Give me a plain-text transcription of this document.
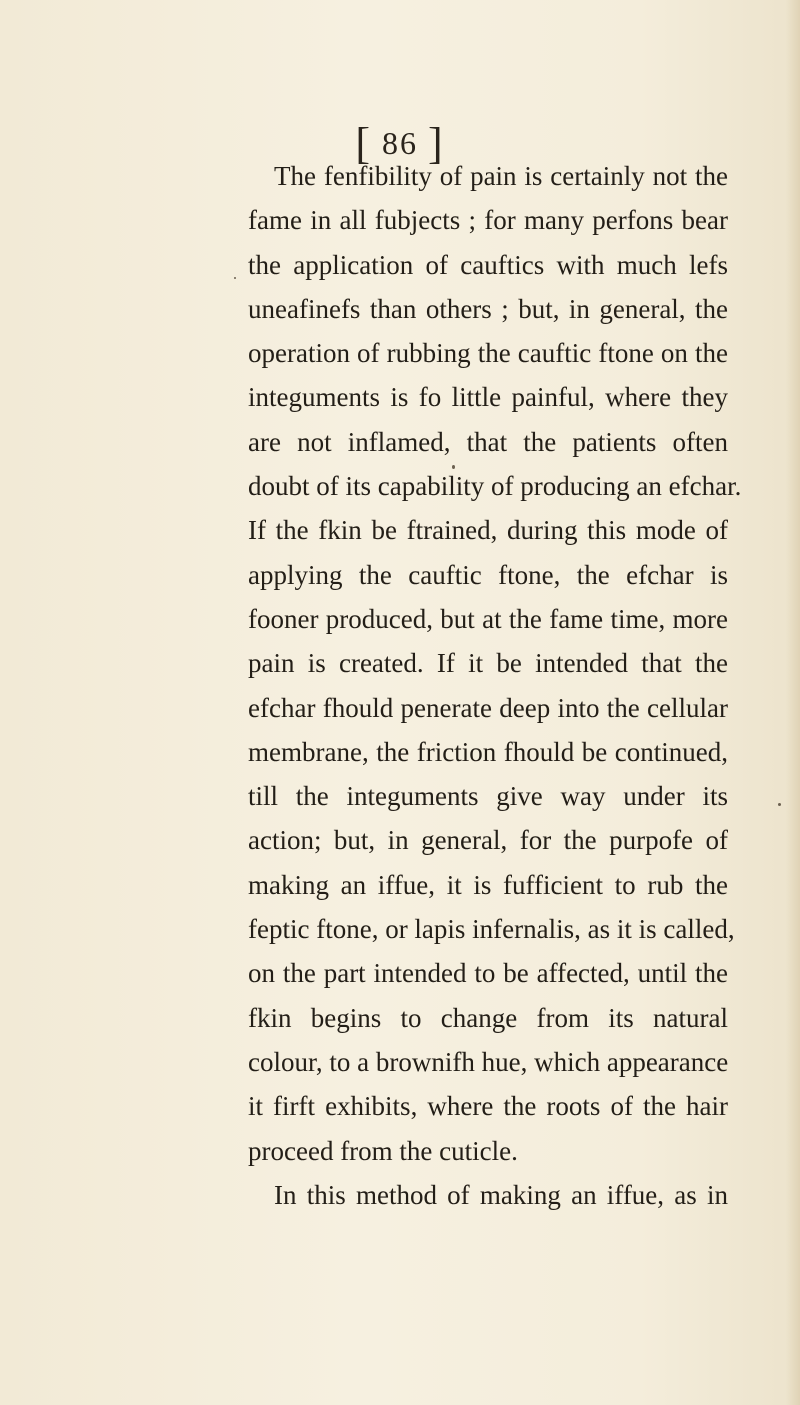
[ 86 ]
The fenfibility of pain is certainly not the
fame in all fubjects ; for many perfons bear
the application of cauftics with much lefs
uneafinefs than others ; but, in general, the
operation of rubbing the cauftic ftone on the
integuments is fo little painful, where they
are not inflamed, that the patients often
doubt of its capability of producing an efchar.
If the fkin be ftrained, during this mode of
applying the cauftic ftone, the efchar is
fooner produced, but at the fame time, more
pain is created. If it be intended that the
efchar fhould penerate deep into the cellular
membrane, the friction fhould be continued,
till the integuments give way under its
action; but, in general, for the purpofe of
making an iffue, it is fufficient to rub the
feptic ftone, or lapis infernalis, as it is called,
on the part intended to be affected, until the
fkin begins to change from its natural
colour, to a brownifh hue, which appearance
it firft exhibits, where the roots of the hair
proceed from the cuticle.
In this method of making an iffue, as in
